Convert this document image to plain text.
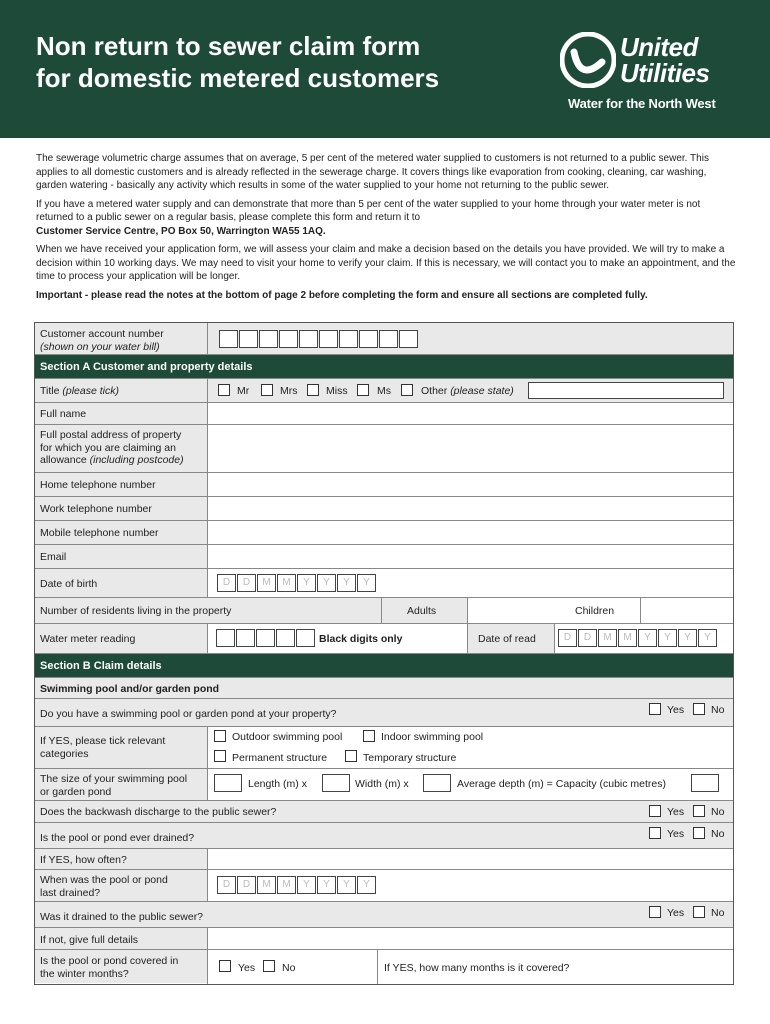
Non return to sewer claim form
for domestic metered customers
United
Utilities
Water for the North West

The sewerage volumetric charge assumes that on average, 5 per cent of the metered water supplied to customers is not returned to a public sewer. This applies to all domestic customers and is already reflected in the sewerage charge. It covers things like evaporation from cooking, cleaning, car washing, garden watering - basically any activity which results in some of the water supplied to your home not returning to the public sewer.

If you have a metered water supply and can demonstrate that more than 5 per cent of the water supplied to your home through your water meter is not returned to a public sewer on a regular basis, please complete this form and return it to
Customer Service Centre, PO Box 50, Warrington WA55 1AQ.

When we have received your application form, we will assess your claim and make a decision based on the details you have provided. We will try to make a decision within 10 working days. We may need to visit your home to verify your claim. If this is necessary, we will contact you to make an appointment, and the time to process your application will be longer.

Important - please read the notes at the bottom of page 2 before completing the form and ensure all sections are completed fully.

Customer account number
(shown on your water bill)
Section A Customer and property details
Title (please tick)	Mr	Mrs	Miss	Ms	Other (please state)
Full name
Full postal address of property
for which you are claiming an
allowance (including postcode)
Home telephone number
Work telephone number
Mobile telephone number
Email
Date of birth	D	D	M	M	Y	Y	Y	Y
Number of residents living in the property	Adults	Children
Water meter reading	Black digits only	Date of read	D	D	M	M	Y	Y	Y	Y
Section B Claim details
Swimming pool and/or garden pond
Do you have a swimming pool or garden pond at your property?	Yes	No
If YES, please tick relevant
categories
Outdoor swimming pool	Indoor swimming pool
Permanent structure	Temporary structure
The size of your swimming pool
or garden pond
Length (m) x	Width (m) x	Average depth (m) = Capacity (cubic metres)
Does the backwash discharge to the public sewer?	Yes	No
Is the pool or pond ever drained?	Yes	No
If YES, how often?
When was the pool or pond
last drained?
D	D	M	M	Y	Y	Y	Y
Was it drained to the public sewer?	Yes	No
If not, give full details
Is the pool or pond covered in
the winter months?	Yes	No	If YES, how many months is it covered?
